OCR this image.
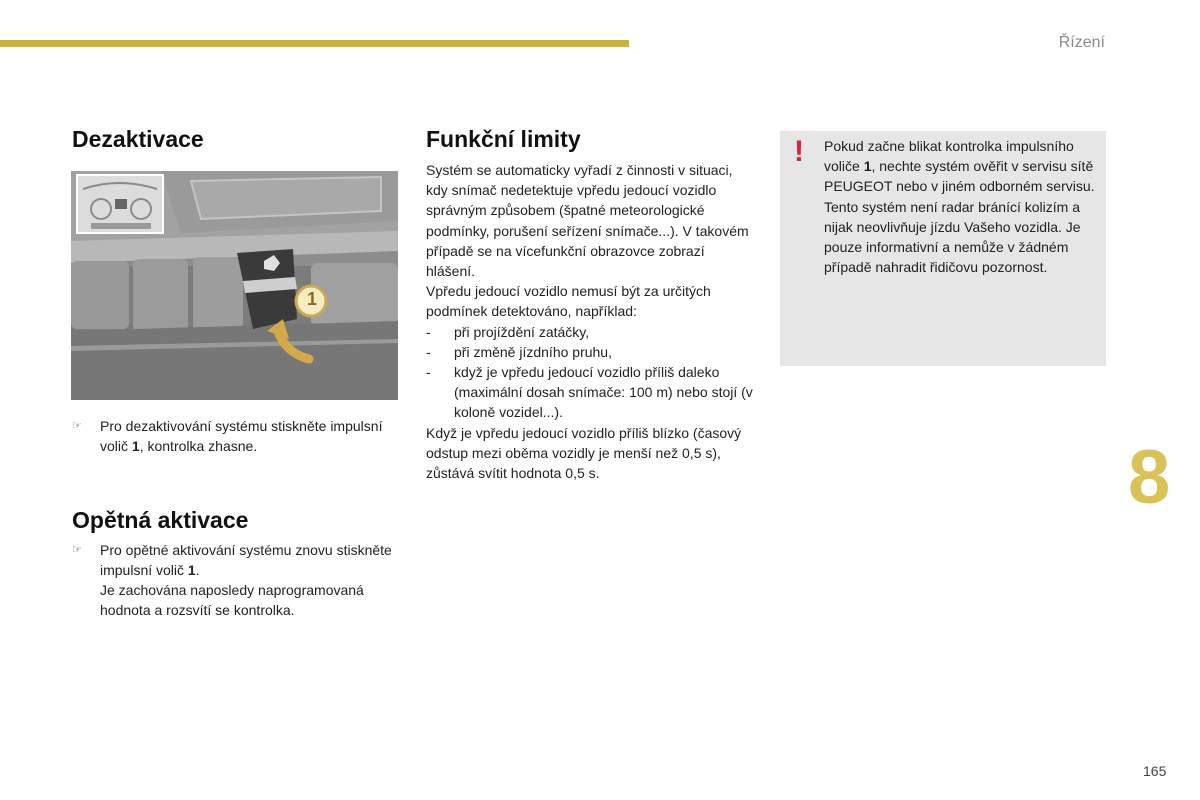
Řízení
Dezaktivace
1
☞ Pro dezaktivování systému stiskněte impulsní volič 1, kontrolka zhasne.
Opětná aktivace
☞ Pro opětné aktivování systému znovu stiskněte impulsní volič 1.
Je zachována naposledy naprogramovaná hodnota a rozsvítí se kontrolka.
Funkční limity

Systém se automaticky vyřadí z činnosti v situaci, kdy snímač nedetektuje vpředu jedoucí vozidlo správným způsobem (špatné meteorologické podmínky, porušení seřízení snímače...). V takovém případě se na vícefunkční obrazovce zobrazí hlášení.

Vpředu jedoucí vozidlo nemusí být za určitých podmínek detektováno, například:

- při projíždění zatáčky,

- při změně jízdního pruhu,

- když je vpředu jedoucí vozidlo příliš daleko (maximální dosah snímače: 100 m) nebo stojí (v koloně vozidel...).

Když je vpředu jedoucí vozidlo příliš blízko (časový odstup mezi oběma vozidly je menší než 0,5 s), zůstává svítit hodnota 0,5 s.

! Pokud začne blikat kontrolka impulsního voliče 1, nechte systém ověřit v servisu sítě PEUGEOT nebo v jiném odborném servisu.

Tento systém není radar bránící kolizím a nijak neovlivňuje jízdu Vašeho vozidla. Je pouze informativní a nemůže v žádném případě nahradit řidičovu pozornost.

8
165
